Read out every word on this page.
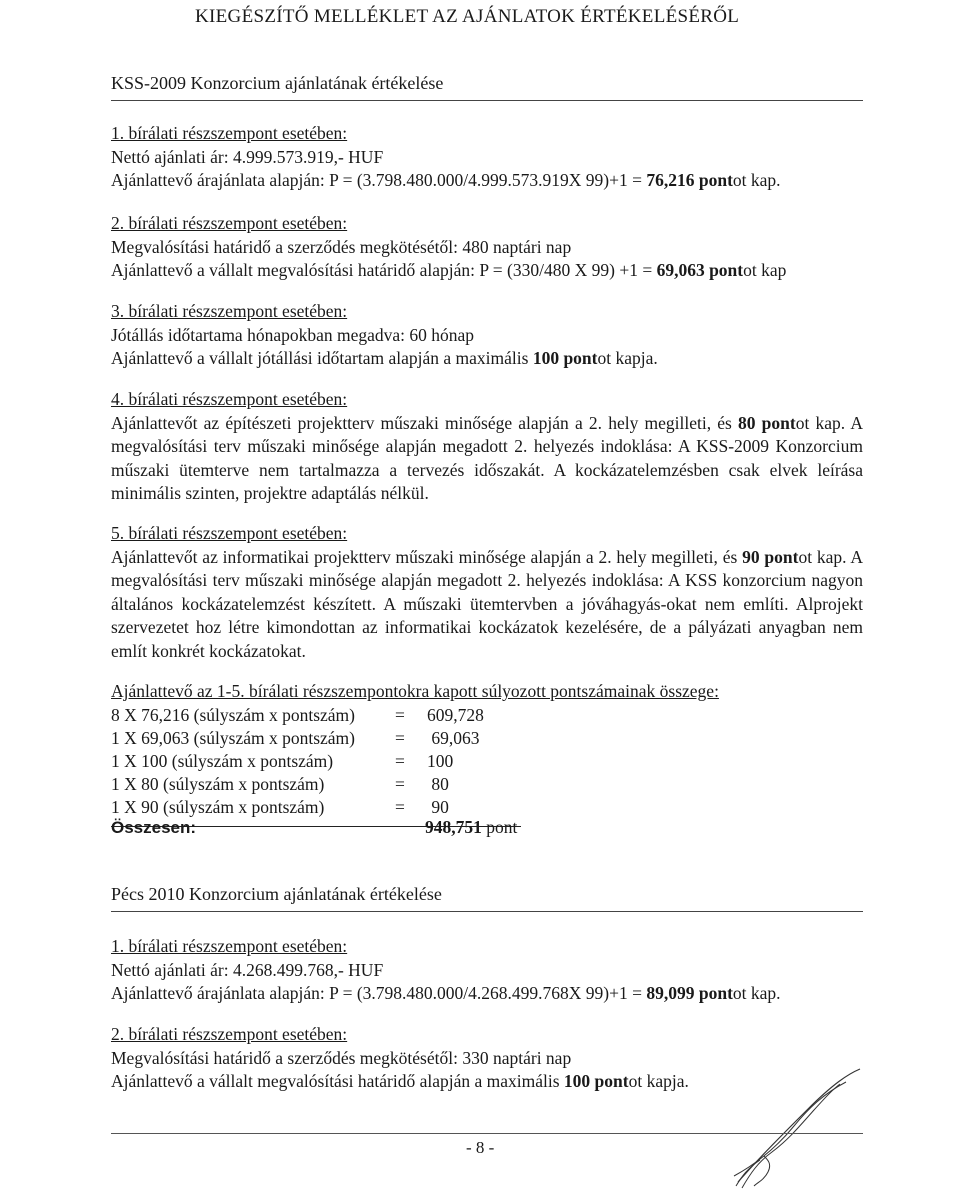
KIEGÉSZÍTŐ MELLÉKLET AZ AJÁNLATOK ÉRTÉKELÉSÉRŐL
KSS-2009 Konzorcium ajánlatának értékelése
1. bírálati részszempont esetében:
Nettó ajánlati ár: 4.999.573.919,- HUF
Ajánlattevő árajánlata alapján: P = (3.798.480.000/4.999.573.919X 99)+1 = 76,216 pontot kap.
2. bírálati részszempont esetében:
Megvalósítási határidő a szerződés megkötésétől: 480 naptári nap
Ajánlattevő a vállalt megvalósítási határidő alapján: P = (330/480 X 99) +1 = 69,063 pontot kap
3. bírálati részszempont esetében:
Jótállás időtartama hónapokban megadva: 60 hónap
Ajánlattevő a vállalt jótállási időtartam alapján a maximális 100 pontot kapja.
4. bírálati részszempont esetében:
Ajánlattevőt az építészeti projektterv műszaki minősége alapján a 2. hely megilleti, és 80 pontot kap. A megvalósítási terv műszaki minősége alapján megadott 2. helyezés indoklása: A KSS-2009 Konzorcium műszaki ütemterve nem tartalmazza a tervezés időszakát. A kockázatelemzésben csak elvek leírása minimális szinten, projektre adaptálás nélkül.
5. bírálati részszempont esetében:
Ajánlattevőt az informatikai projektterv műszaki minősége alapján a 2. hely megilleti, és 90 pontot kap. A megvalósítási terv műszaki minősége alapján megadott 2. helyezés indoklása: A KSS konzorcium nagyon általános kockázatelemzést készített. A műszaki ütemtervben a jóváhagyás-okat nem említi. Alprojekt szervezetet hoz létre kimondottan az informatikai kockázatok kezelésére, de a pályázati anyagban nem említ konkrét kockázatokat.
Ajánlattevő az 1-5. bírálati részszempontokra kapott súlyozott pontszámainak összege:
8 X 76,216 (súlyszám x pontszám) = 609,728
1 X 69,063 (súlyszám x pontszám) = 69,063
1 X 100 (súlyszám x pontszám)	= 100
1 X 80 (súlyszám x pontszám)	= 80
1 X 90 (súlyszám x pontszám)	= 90
Összesen:	948,751 pont
Pécs 2010 Konzorcium ajánlatának értékelése
1. bírálati részszempont esetében:
Nettó ajánlati ár: 4.268.499.768,- HUF
Ajánlattevő árajánlata alapján: P = (3.798.480.000/4.268.499.768X 99)+1 = 89,099 pontot kap.
2. bírálati részszempont esetében:
Megvalósítási határidő a szerződés megkötésétől: 330 naptári nap
Ajánlattevő a vállalt megvalósítási határidő alapján a maximális 100 pontot kapja.
- 8 -
